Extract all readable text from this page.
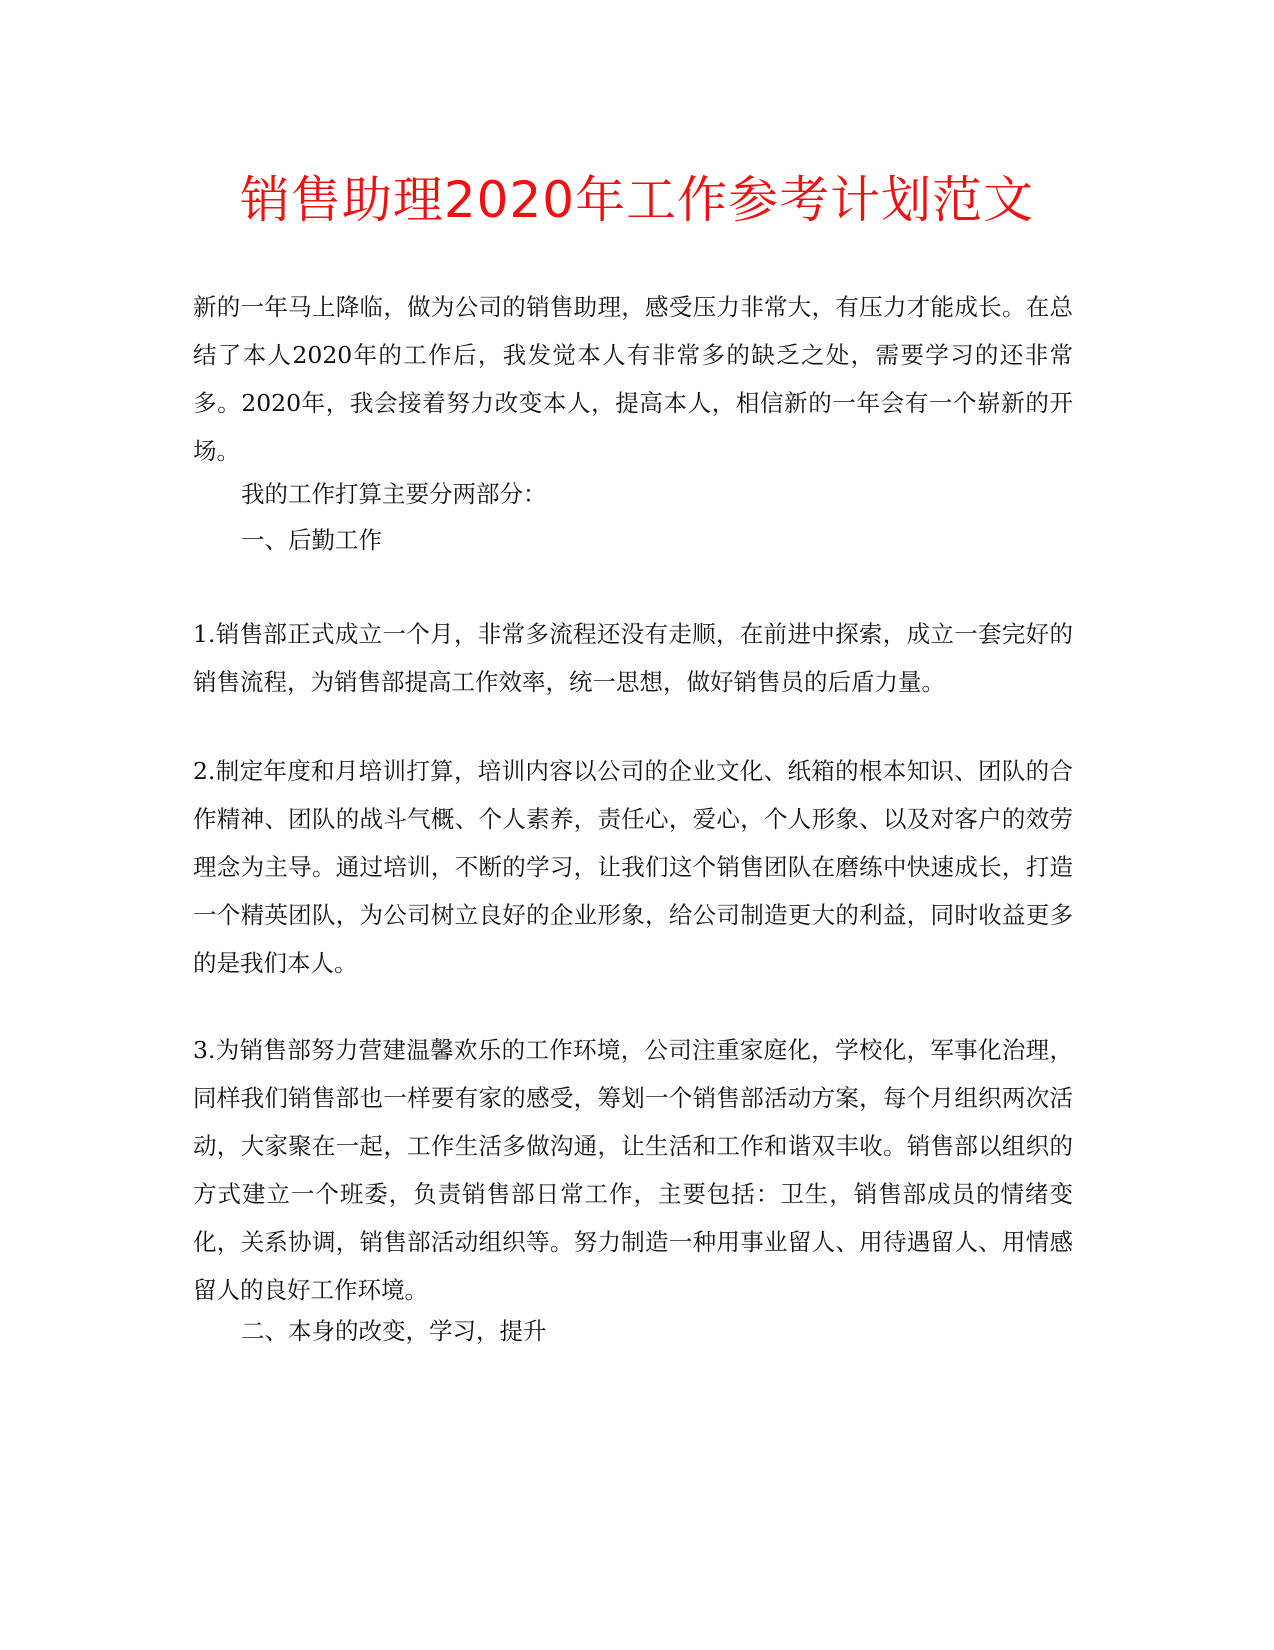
销售助理2020年工作参考计划范文

新的一年马上降临，做为公司的销售助理，感受压力非常大，有压力才能成长。在总结了本人2020年的工作后，我发觉本人有非常多的缺乏之处，需要学习的还非常多。2020年，我会接着努力改变本人，提高本人，相信新的一年会有一个崭新的开场。

我的工作打算主要分两部分：

一、后勤工作

1.销售部正式成立一个月，非常多流程还没有走顺，在前进中探索，成立一套完好的销售流程，为销售部提高工作效率，统一思想，做好销售员的后盾力量。

2.制定年度和月培训打算，培训内容以公司的企业文化、纸箱的根本知识、团队的合作精神、团队的战斗气概、个人素养，责任心，爱心，个人形象、以及对客户的效劳理念为主导。通过培训，不断的学习，让我们这个销售团队在磨练中快速成长，打造一个精英团队，为公司树立良好的企业形象，给公司制造更大的利益，同时收益更多的是我们本人。

3.为销售部努力营建温馨欢乐的工作环境，公司注重家庭化，学校化，军事化治理，同样我们销售部也一样要有家的感受，筹划一个销售部活动方案，每个月组织两次活动，大家聚在一起，工作生活多做沟通，让生活和工作和谐双丰收。销售部以组织的方式建立一个班委，负责销售部日常工作，主要包括：卫生，销售部成员的情绪变化，关系协调，销售部活动组织等。努力制造一种用事业留人、用待遇留人、用情感留人的良好工作环境。

二、本身的改变，学习，提升
